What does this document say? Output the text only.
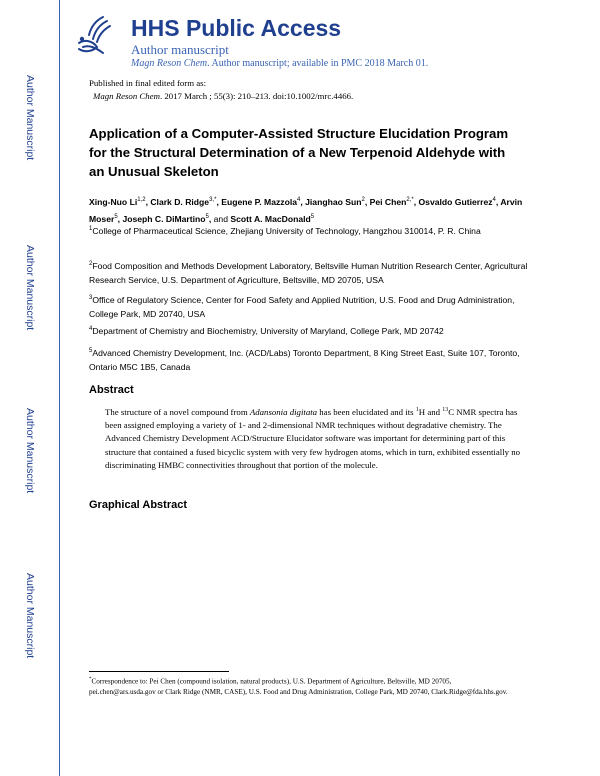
Author Manuscript
Author Manuscript
Author Manuscript
Author Manuscript
HHS Public Access
Author manuscript
Magn Reson Chem. Author manuscript; available in PMC 2018 March 01.
Published in final edited form as:
Magn Reson Chem. 2017 March ; 55(3): 210–213. doi:10.1002/mrc.4466.
Application of a Computer-Assisted Structure Elucidation Program for the Structural Determination of a New Terpenoid Aldehyde with an Unusual Skeleton
Xing-Nuo Li$^{1,2}$, Clark D. Ridge$^{3,*}$, Eugene P. Mazzola$^4$, Jianghao Sun$^2$, Pei Chen$^{2,*}$, Osvaldo Gutierrez$^4$, Arvin Moser$^5$, Joseph C. DiMartino$^5$, and Scott A. MacDonald$^5$
$^1$College of Pharmaceutical Science, Zhejiang University of Technology, Hangzhou 310014, P. R. China
$^2$Food Composition and Methods Development Laboratory, Beltsville Human Nutrition Research Center, Agricultural Research Service, U.S. Department of Agriculture, Beltsville, MD 20705, USA
$^3$Office of Regulatory Science, Center for Food Safety and Applied Nutrition, U.S. Food and Drug Administration, College Park, MD 20740, USA
$^4$Department of Chemistry and Biochemistry, University of Maryland, College Park, MD 20742
$^5$Advanced Chemistry Development, Inc. (ACD/Labs) Toronto Department, 8 King Street East, Suite 107, Toronto, Ontario M5C 1B5, Canada
Abstract
The structure of a novel compound from Adansonia digitata has been elucidated and its $^1$H and $^{13}$C NMR spectra has been assigned employing a variety of 1- and 2-dimensional NMR techniques without degradative chemistry. The Advanced Chemistry Development ACD/Structure Elucidator software was important for determining part of this structure that contained a fused bicyclic system with very few hydrogen atoms, which in turn, exhibited essentially no discriminating HMBC connectivities throughout that portion of the molecule.
Graphical Abstract
*Correspondence to: Pei Chen (compound isolation, natural products), U.S. Department of Agriculture, Beltsville, MD 20705, pei.chen@ars.usda.gov or Clark Ridge (NMR, CASE), U.S. Food and Drug Administration, College Park, MD 20740, Clark.Ridge@fda.hhs.gov.
